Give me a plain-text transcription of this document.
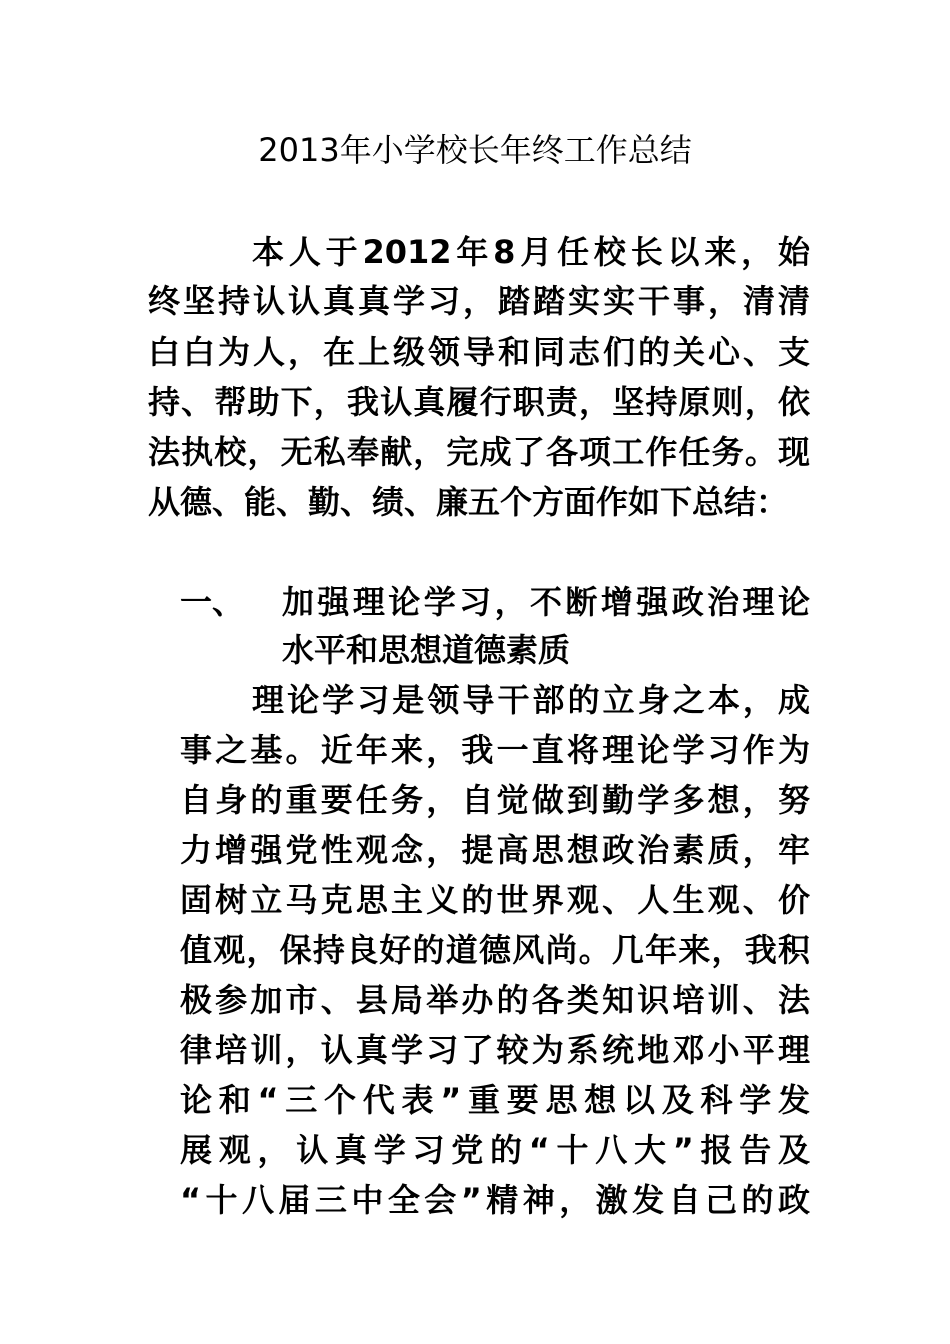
2013年小学校长年终工作总结
本人于2012年8月任校长以来，始
终坚持认认真真学习，踏踏实实干事，清清
白白为人，在上级领导和同志们的关心、支
持、帮助下，我认真履行职责，坚持原则，依
法执校，无私奉献，完成了各项工作任务。现
从德、能、勤、绩、廉五个方面作如下总结：
一、 加强理论学习，不断增强政治理论
水平和思想道德素质
理论学习是领导干部的立身之本，成
事之基。近年来，我一直将理论学习作为
自身的重要任务，自觉做到勤学多想，努
力增强党性观念，提高思想政治素质，牢
固树立马克思主义的世界观、人生观、价
值观，保持良好的道德风尚。几年来，我积
极参加市、县局举办的各类知识培训、法
律培训，认真学习了较为系统地邓小平理
论和“三个代表”重要思想以及科学发
展观，认真学习党的“十八大”报告及
“十八届三中全会”精神，激发自己的政
